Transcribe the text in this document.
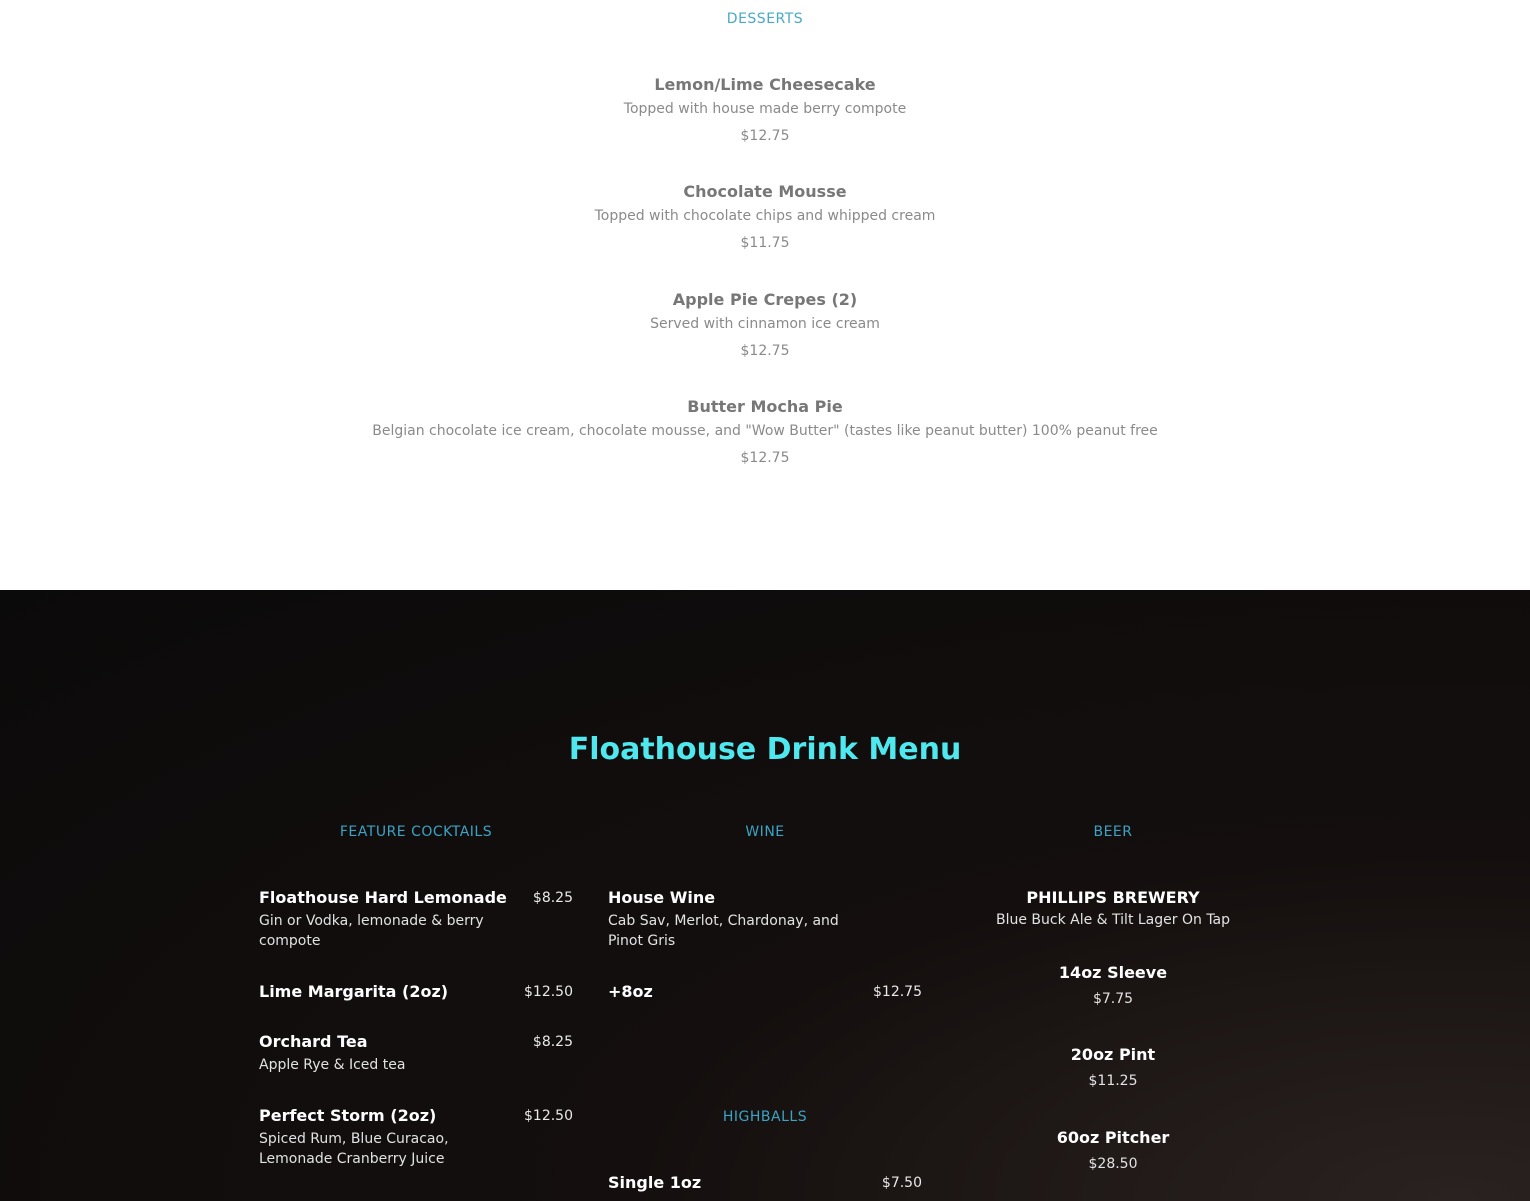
DESSERTS
Lemon/Lime Cheesecake
Topped with house made berry compote
$12.75
Chocolate Mousse
Topped with chocolate chips and whipped cream
$11.75
Apple Pie Crepes (2)
Served with cinnamon ice cream
$12.75
Butter Mocha Pie
Belgian chocolate ice cream, chocolate mousse, and "Wow Butter" (tastes like peanut butter) 100% peanut free
$12.75
Floathouse Drink Menu
FEATURE COCKTAILS
Floathouse Hard Lemonade	$8.25
Gin or Vodka, lemonade & berry compote
Lime Margarita (2oz)	$12.50
Orchard Tea	$8.25
Apple Rye & Iced tea
Perfect Storm (2oz)	$12.50
Spiced Rum, Blue Curacao, Lemonade Cranberry Juice
WINE
House Wine
Cab Sav, Merlot, Chardonay, and Pinot Gris
+8oz	$12.75
HIGHBALLS
Single 1oz	$7.50
BEER
PHILLIPS BREWERY
Blue Buck Ale & Tilt Lager On Tap
14oz Sleeve
$7.75
20oz Pint
$11.25
60oz Pitcher
$28.50
